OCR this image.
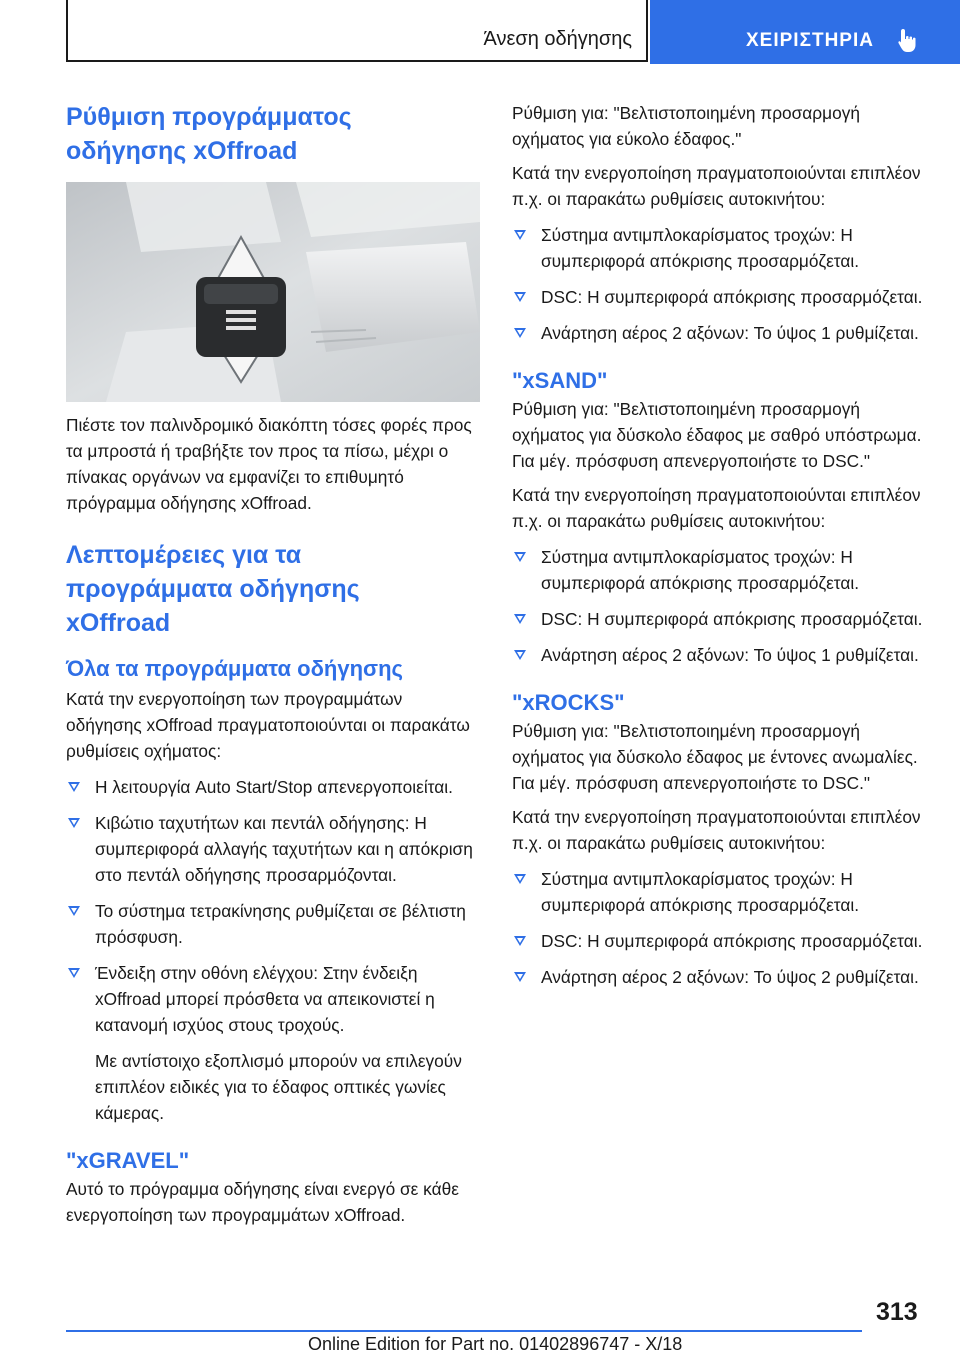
Άνεση οδήγησης	ΧΕΙΡΙΣΤΗΡΙΑ
Ρύθμιση προγράμματος οδήγησης xOffroad

Πιέστε τον παλινδρομικό διακόπτη τόσες φορές προς τα μπροστά ή τραβήξτε τον προς τα πίσω, μέχρι ο πίνακας οργάνων να εμφανίζει το επιθυμητό πρόγραμμα οδήγησης xOffroad.

Λεπτομέρειες για τα προγράμματα οδήγησης xOffroad
Όλα τα προγράμματα οδήγησης

Κατά την ενεργοποίηση των προγραμμάτων οδήγησης xOffroad πραγματοποιούνται οι παρακάτω ρυθμίσεις οχήματος:

Η λειτουργία Auto Start/Stop απενεργοποιείται.
Κιβώτιο ταχυτήτων και πεντάλ οδήγησης: Η συμπεριφορά αλλαγής ταχυτήτων και η απόκριση στο πεντάλ οδήγησης προσαρμόζονται.
Το σύστημα τετρακίνησης ρυθμίζεται σε βέλτιστη πρόσφυση.
Ένδειξη στην οθόνη ελέγχου: Στην ένδειξη xOffroad μπορεί πρόσθετα να απεικονιστεί η κατανομή ισχύος στους τροχούς.

Με αντίστοιχο εξοπλισμό μπορούν να επιλεγούν επιπλέον ειδικές για το έδαφος οπτικές γωνίες κάμερας.

"xGRAVEL"

Αυτό το πρόγραμμα οδήγησης είναι ενεργό σε κάθε ενεργοποίηση των προγραμμάτων xOffroad.

Ρύθμιση για: "Βελτιστοποιημένη προσαρμογή οχήματος για εύκολο έδαφος."

Κατά την ενεργοποίηση πραγματοποιούνται επιπλέον π.χ. οι παρακάτω ρυθμίσεις αυτοκινήτου:

Σύστημα αντιμπλοκαρίσματος τροχών: Η συμπεριφορά απόκρισης προσαρμόζεται.
DSC: Η συμπεριφορά απόκρισης προσαρμόζεται.
Ανάρτηση αέρος 2 αξόνων: Το ύψος 1 ρυθμίζεται.
"xSAND"

Ρύθμιση για: "Βελτιστοποιημένη προσαρμογή οχήματος για δύσκολο έδαφος με σαθρό υπόστρωμα. Για μέγ. πρόσφυση απενεργοποιήστε το DSC."

Κατά την ενεργοποίηση πραγματοποιούνται επιπλέον π.χ. οι παρακάτω ρυθμίσεις αυτοκινήτου:

Σύστημα αντιμπλοκαρίσματος τροχών: Η συμπεριφορά απόκρισης προσαρμόζεται.
DSC: Η συμπεριφορά απόκρισης προσαρμόζεται.
Ανάρτηση αέρος 2 αξόνων: Το ύψος 1 ρυθμίζεται.
"xROCKS"

Ρύθμιση για: "Βελτιστοποιημένη προσαρμογή οχήματος για δύσκολο έδαφος με έντονες ανωμαλίες. Για μέγ. πρόσφυση απενεργοποιήστε το DSC."

Κατά την ενεργοποίηση πραγματοποιούνται επιπλέον π.χ. οι παρακάτω ρυθμίσεις αυτοκινήτου:

Σύστημα αντιμπλοκαρίσματος τροχών: Η συμπεριφορά απόκρισης προσαρμόζεται.
DSC: Η συμπεριφορά απόκρισης προσαρμόζεται.
Ανάρτηση αέρος 2 αξόνων: Το ύψος 2 ρυθμίζεται.
313
Online Edition for Part no. 01402896747 - X/18
